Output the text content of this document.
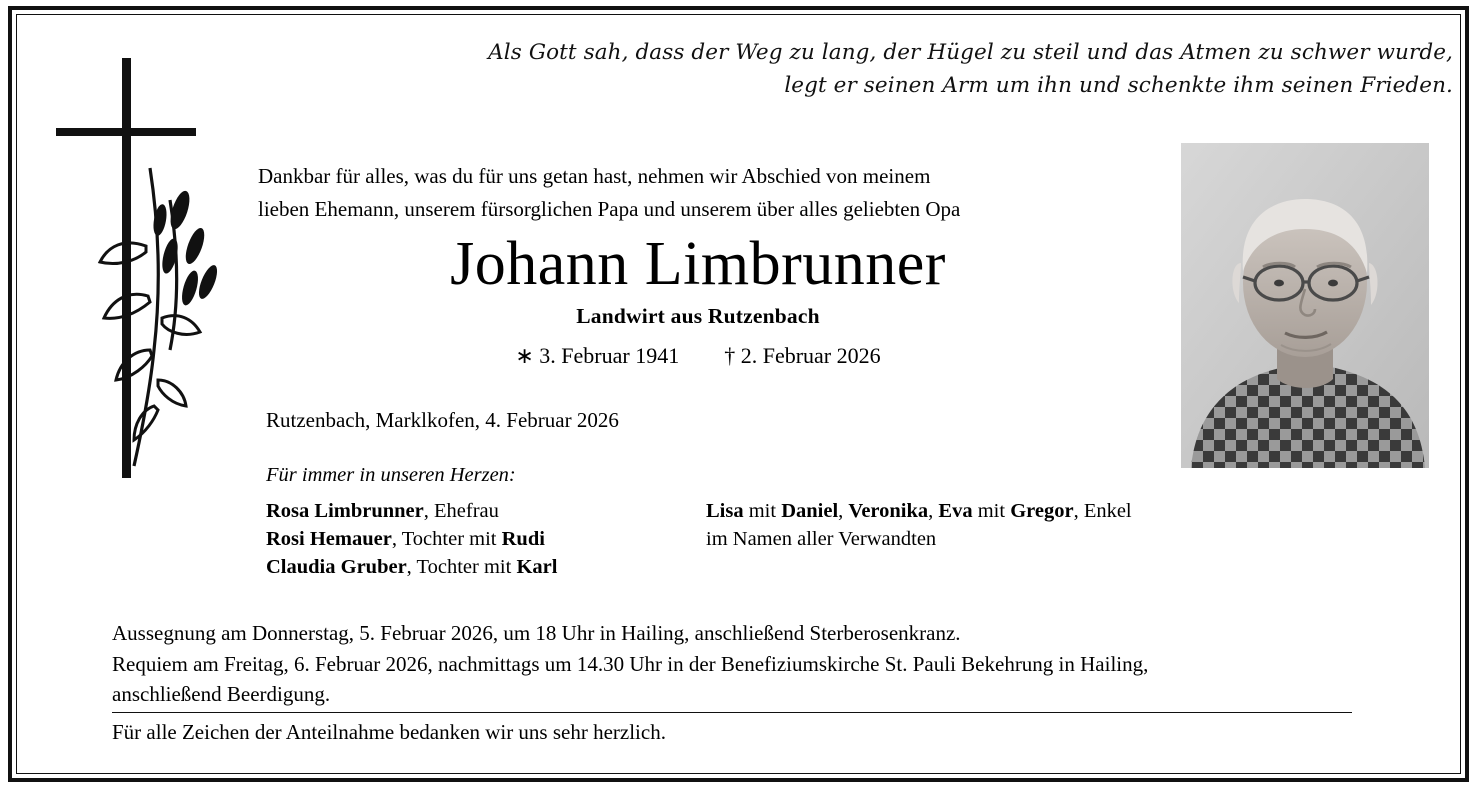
Als Gott sah, dass der Weg zu lang, der Hügel zu steil und das Atmen zu schwer wurde,
legt er seinen Arm um ihn und schenkte ihm seinen Frieden.
Dankbar für alles, was du für uns getan hast, nehmen wir Abschied von meinem
lieben Ehemann, unserem fürsorglichen Papa und unserem über alles geliebten Opa
Johann Limbrunner
Landwirt aus Rutzenbach
∗ 3. Februar 1941 † 2. Februar 2026
Rutzenbach, Marklkofen, 4. Februar 2026
Für immer in unseren Herzen:
Rosa Limbrunner, Ehefrau
Rosi Hemauer, Tochter mit Rudi
Claudia Gruber, Tochter mit Karl
Lisa mit Daniel, Veronika, Eva mit Gregor, Enkel
im Namen aller Verwandten
Aussegnung am Donnerstag, 5. Februar 2026, um 18 Uhr in Hailing, anschließend Sterberosenkranz.
Requiem am Freitag, 6. Februar 2026, nachmittags um 14.30 Uhr in der Benefiziumskirche St. Pauli Bekehrung in Hailing,
anschließend Beerdigung.
Für alle Zeichen der Anteilnahme bedanken wir uns sehr herzlich.
